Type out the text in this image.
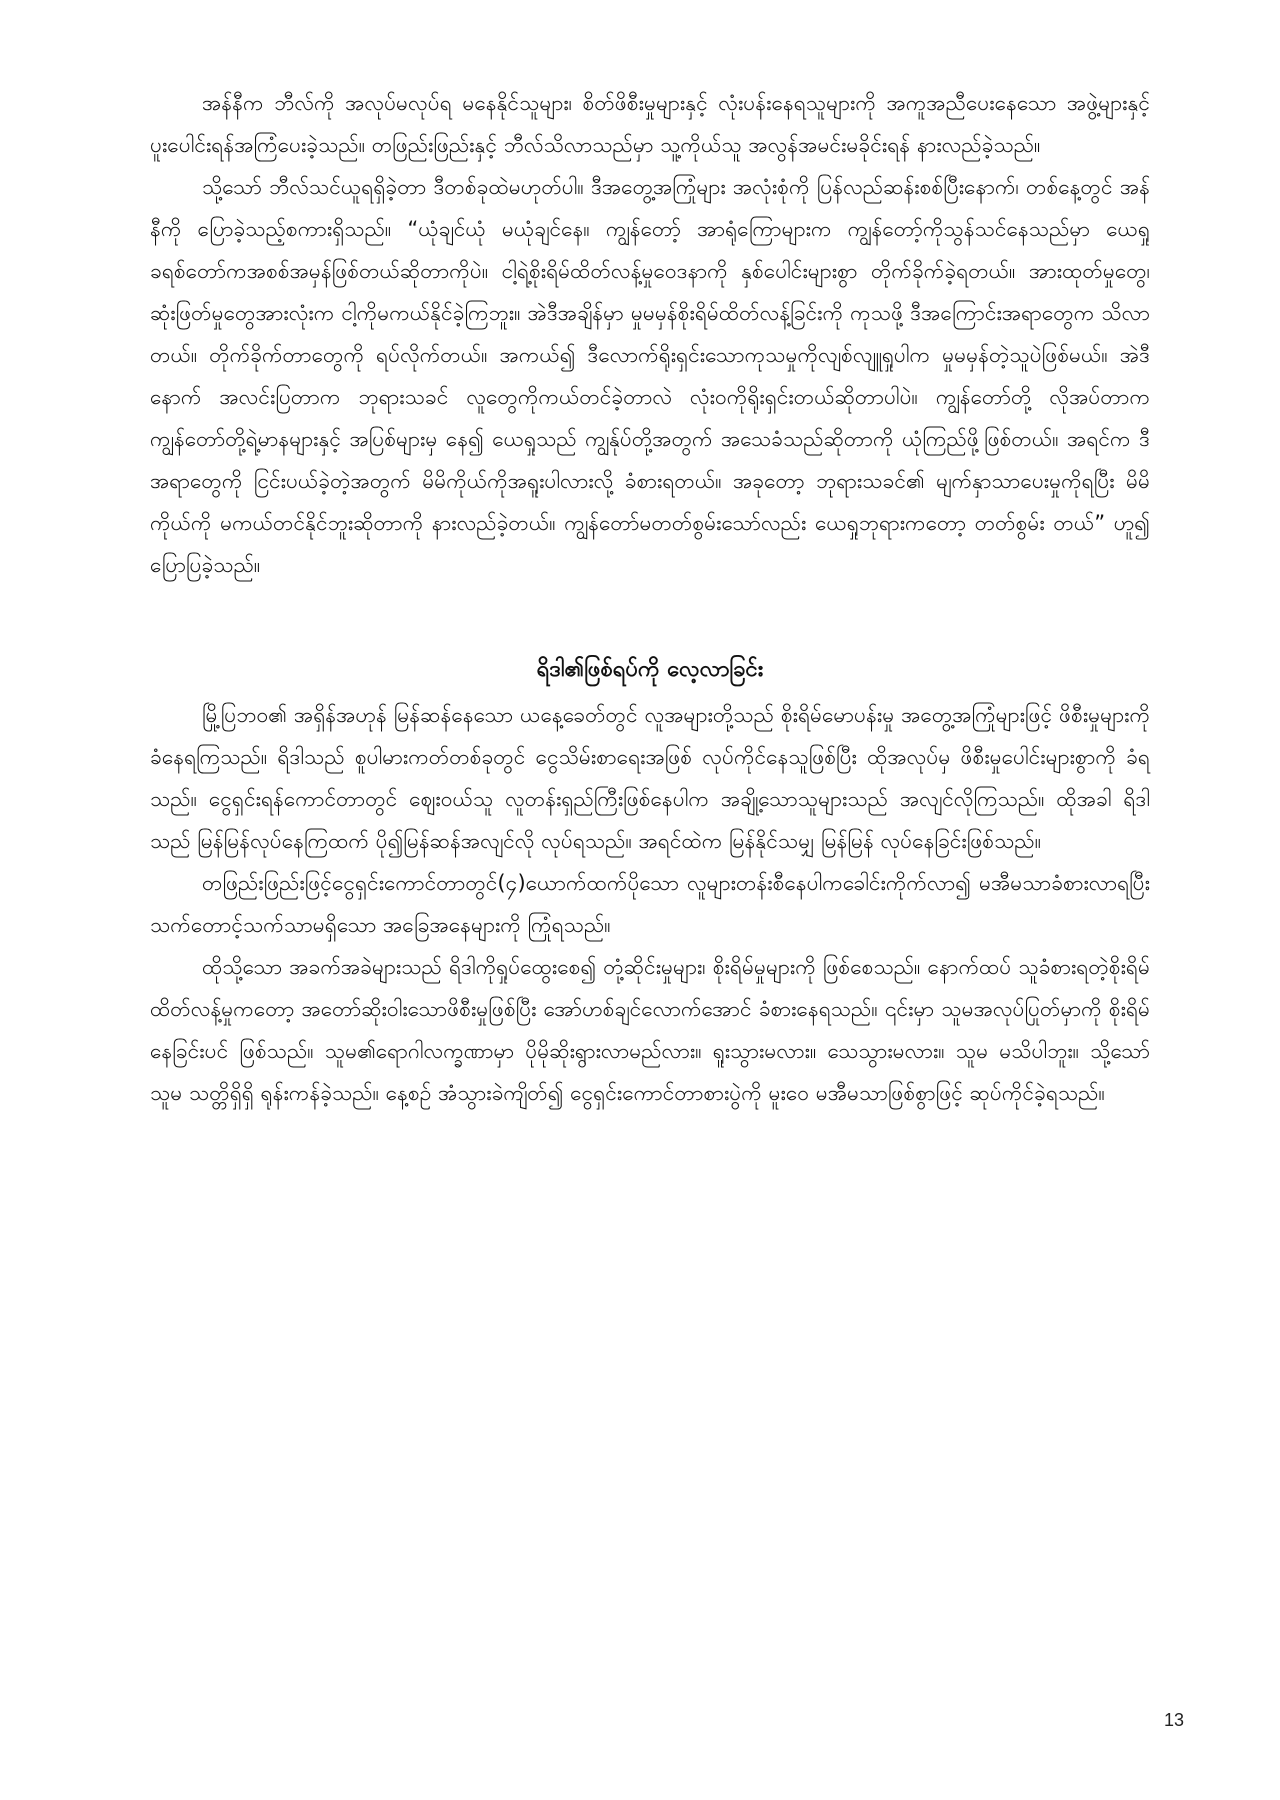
အန်နီက ဘီလ်ကို အလုပ်မလုပ်ရ မနေနိုင်သူများ၊ စိတ်ဖိစီးမှုများနှင့် လုံးပန်းနေရသူများကို အကူအညီပေးနေသော အဖွဲ့များနှင့် ပူးပေါင်းရန်အကြံပေးခဲ့သည်။ တဖြည်းဖြည်းနှင့် ဘီလ်သိလာသည်မှာ သူ့ကိုယ်သူ အလွန်အမင်းမခိုင်းရန် နားလည်ခဲ့သည်။

သို့သော် ဘီလ်သင်ယူရရှိခဲ့တာ ဒီတစ်ခုထဲမဟုတ်ပါ။ ဒီအတွေ့အကြုံများ အလုံးစုံကို ပြန်လည်ဆန်းစစ်ပြီးနောက်၊ တစ်နေ့တွင် အန်နီကို ပြောခဲ့သည့်စကားရှိသည်။ “ယုံချင်ယုံ မယုံချင်နေ။ ကျွန်တော့် အာရုံကြောများက ကျွန်တော့်ကိုသွန်သင်နေသည်မှာ ယေရှုခရစ်တော်ကအစစ်အမှန်ဖြစ်တယ်ဆိုတာကိုပဲ။ ငါ့ရဲ့စိုးရိမ်ထိတ်လန့်မှုဝေဒနာကို နှစ်ပေါင်းများစွာ တိုက်ခိုက်ခဲ့ရတယ်။ အားထုတ်မှုတွေ၊ ဆုံးဖြတ်မှုတွေအားလုံးက ငါ့ကိုမကယ်နိုင်ခဲ့ကြဘူး။ အဲဒီအချိန်မှာ မှုမမှန်စိုးရိမ်ထိတ်လန့်ခြင်းကို ကုသဖို့ ဒီအကြောင်းအရာတွေက သိလာတယ်။ တိုက်ခိုက်တာတွေကို ရပ်လိုက်တယ်။ အကယ်၍ ဒီလောက်ရိုးရှင်းသောကုသမှုကိုလျစ်လျူရှုပါက မှုမမှန်တဲ့သူပဲဖြစ်မယ်။ အဲဒီနောက် အလင်းပြတာက ဘုရားသခင် လူတွေကိုကယ်တင်ခဲ့တာလဲ လုံး၀ကိုရိုးရှင်းတယ်ဆိုတာပါပဲ။ ကျွန်တော်တို့ လိုအပ်တာက ကျွန်တော်တို့ရဲ့မာနများနှင့် အပြစ်များမှ နေ၍ ယေရှုသည် ကျွန်ုပ်တို့အတွက် အသေခံသည်ဆိုတာကို ယုံကြည်ဖို့ဖြစ်တယ်။ အရင်က ဒီအရာတွေကို ငြင်းပယ်ခဲ့တဲ့အတွက် မိမိကိုယ်ကိုအရူးပါလားလို့ ခံစားရတယ်။ အခုတော့ ဘုရားသခင်၏ မျက်နှာသာပေးမှုကိုရပြီး မိမိကိုယ်ကို မကယ်တင်နိုင်ဘူးဆိုတာကို နားလည်ခဲ့တယ်။ ကျွန်တော်မတတ်စွမ်းသော်လည်း ယေရှုဘုရားကတော့ တတ်စွမ်း တယ်” ဟူ၍ ပြောပြခဲ့သည်။

ရိဒါ၏ဖြစ်ရပ်ကို လေ့လာခြင်း

မြို့ပြဘ၀၏ အရှိန်အဟုန် မြန်ဆန်နေသော ယနေ့ခေတ်တွင် လူအများတို့သည် စိုးရိမ်မောပန်းမှု အတွေ့အကြုံများဖြင့် ဖိစီးမှုများကို ခံနေရကြသည်။ ရိဒါသည် စူပါမားကတ်တစ်ခုတွင် ငွေသိမ်းစာရေးအဖြစ် လုပ်ကိုင်နေသူဖြစ်ပြီး ထိုအလုပ်မှ ဖိစီးမှုပေါင်းများစွာကို ခံရသည်။ ငွေရှင်းရန်ကောင်တာတွင် ဈေးဝယ်သူ လူတန်းရှည်ကြီးဖြစ်နေပါက အချို့သောသူများသည် အလျင်လိုကြသည်။ ထိုအခါ ရိဒါသည် မြန်မြန်လုပ်နေကြထက် ပို၍မြန်ဆန်အလျင်လို လုပ်ရသည်။ အရင်ထဲက မြန်နိုင်သမျှ မြန်မြန် လုပ်နေခြင်းဖြစ်သည်။

တဖြည်းဖြည်းဖြင့်ငွေရှင်းကောင်တာတွင်(၄)ယောက်ထက်ပိုသော လူများတန်းစီနေပါကခေါင်းကိုက်လာ၍ မအီမသာခံစားလာရပြီး သက်တောင့်သက်သာမရှိသော အခြေအနေများကို ကြုံရသည်။

ထိုသို့သော အခက်အခဲများသည် ရိဒါကိုရှုပ်ထွေးစေ၍ တုံ့ဆိုင်းမှုများ၊ စိုးရိမ်မှုများကို ဖြစ်စေသည်။ နောက်ထပ် သူခံစားရတဲ့စိုးရိမ်ထိတ်လန့်မှုကတော့ အတော်ဆိုး၀ါးသောဖိစီးမှုဖြစ်ပြီး အော်ဟစ်ချင်လောက်အောင် ခံစားနေရသည်။ ၎င်းမှာ သူမအလုပ်ပြုတ်မှာကို စိုးရိမ်နေခြင်းပင် ဖြစ်သည်။ သူမ၏ရောဂါလက္ခဏာမှာ ပိုမိုဆိုးရွားလာမည်လား။ ရူးသွားမလား။ သေသွားမလား။ သူမ မသိပါဘူး။ သို့သော် သူမ သတ္တိရှိရှိ ရုန်းကန်ခဲ့သည်။ နေ့စဉ် အံသွားခဲကျိတ်၍ ငွေရှင်းကောင်တာစားပွဲကို မူးဝေ မအီမသာဖြစ်စွာဖြင့် ဆုပ်ကိုင်ခဲ့ရသည်။

13
